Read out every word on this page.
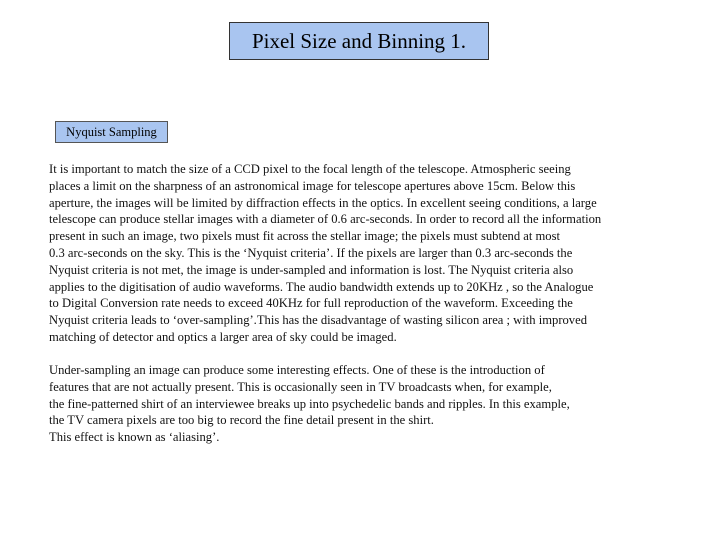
Pixel Size and Binning 1.
Nyquist Sampling
It is important to match the size of a CCD pixel to the focal length of the telescope. Atmospheric seeing
places a limit on the sharpness of an astronomical image for telescope apertures above 15cm. Below this
aperture, the images will be limited by diffraction effects in the optics. In excellent seeing conditions, a large
telescope can produce stellar images with a diameter of 0.6 arc-seconds. In order to record all the information
present in such an image, two pixels must fit across the stellar image; the pixels must subtend at most
0.3 arc-seconds on the sky. This is the ‘Nyquist criteria’. If the pixels are larger than 0.3 arc-seconds the
Nyquist criteria is not met, the image is under-sampled and information is lost. The Nyquist criteria also
applies to the digitisation of audio waveforms. The audio bandwidth extends up to 20KHz , so the Analogue
to Digital Conversion rate needs to exceed 40KHz for full reproduction of the waveform. Exceeding the
Nyquist criteria leads to ‘over-sampling’.This has the disadvantage of wasting silicon area ; with improved
matching of detector and optics a larger area of sky could be imaged.
Under-sampling an image can produce some interesting effects. One of these is the introduction of
features that are not actually present. This is occasionally seen in TV broadcasts when, for example,
the fine-patterned shirt of an interviewee breaks up into psychedelic bands and ripples. In this example,
the TV camera pixels are too big to record the fine detail present in the shirt.
This effect is known as ‘aliasing’.
